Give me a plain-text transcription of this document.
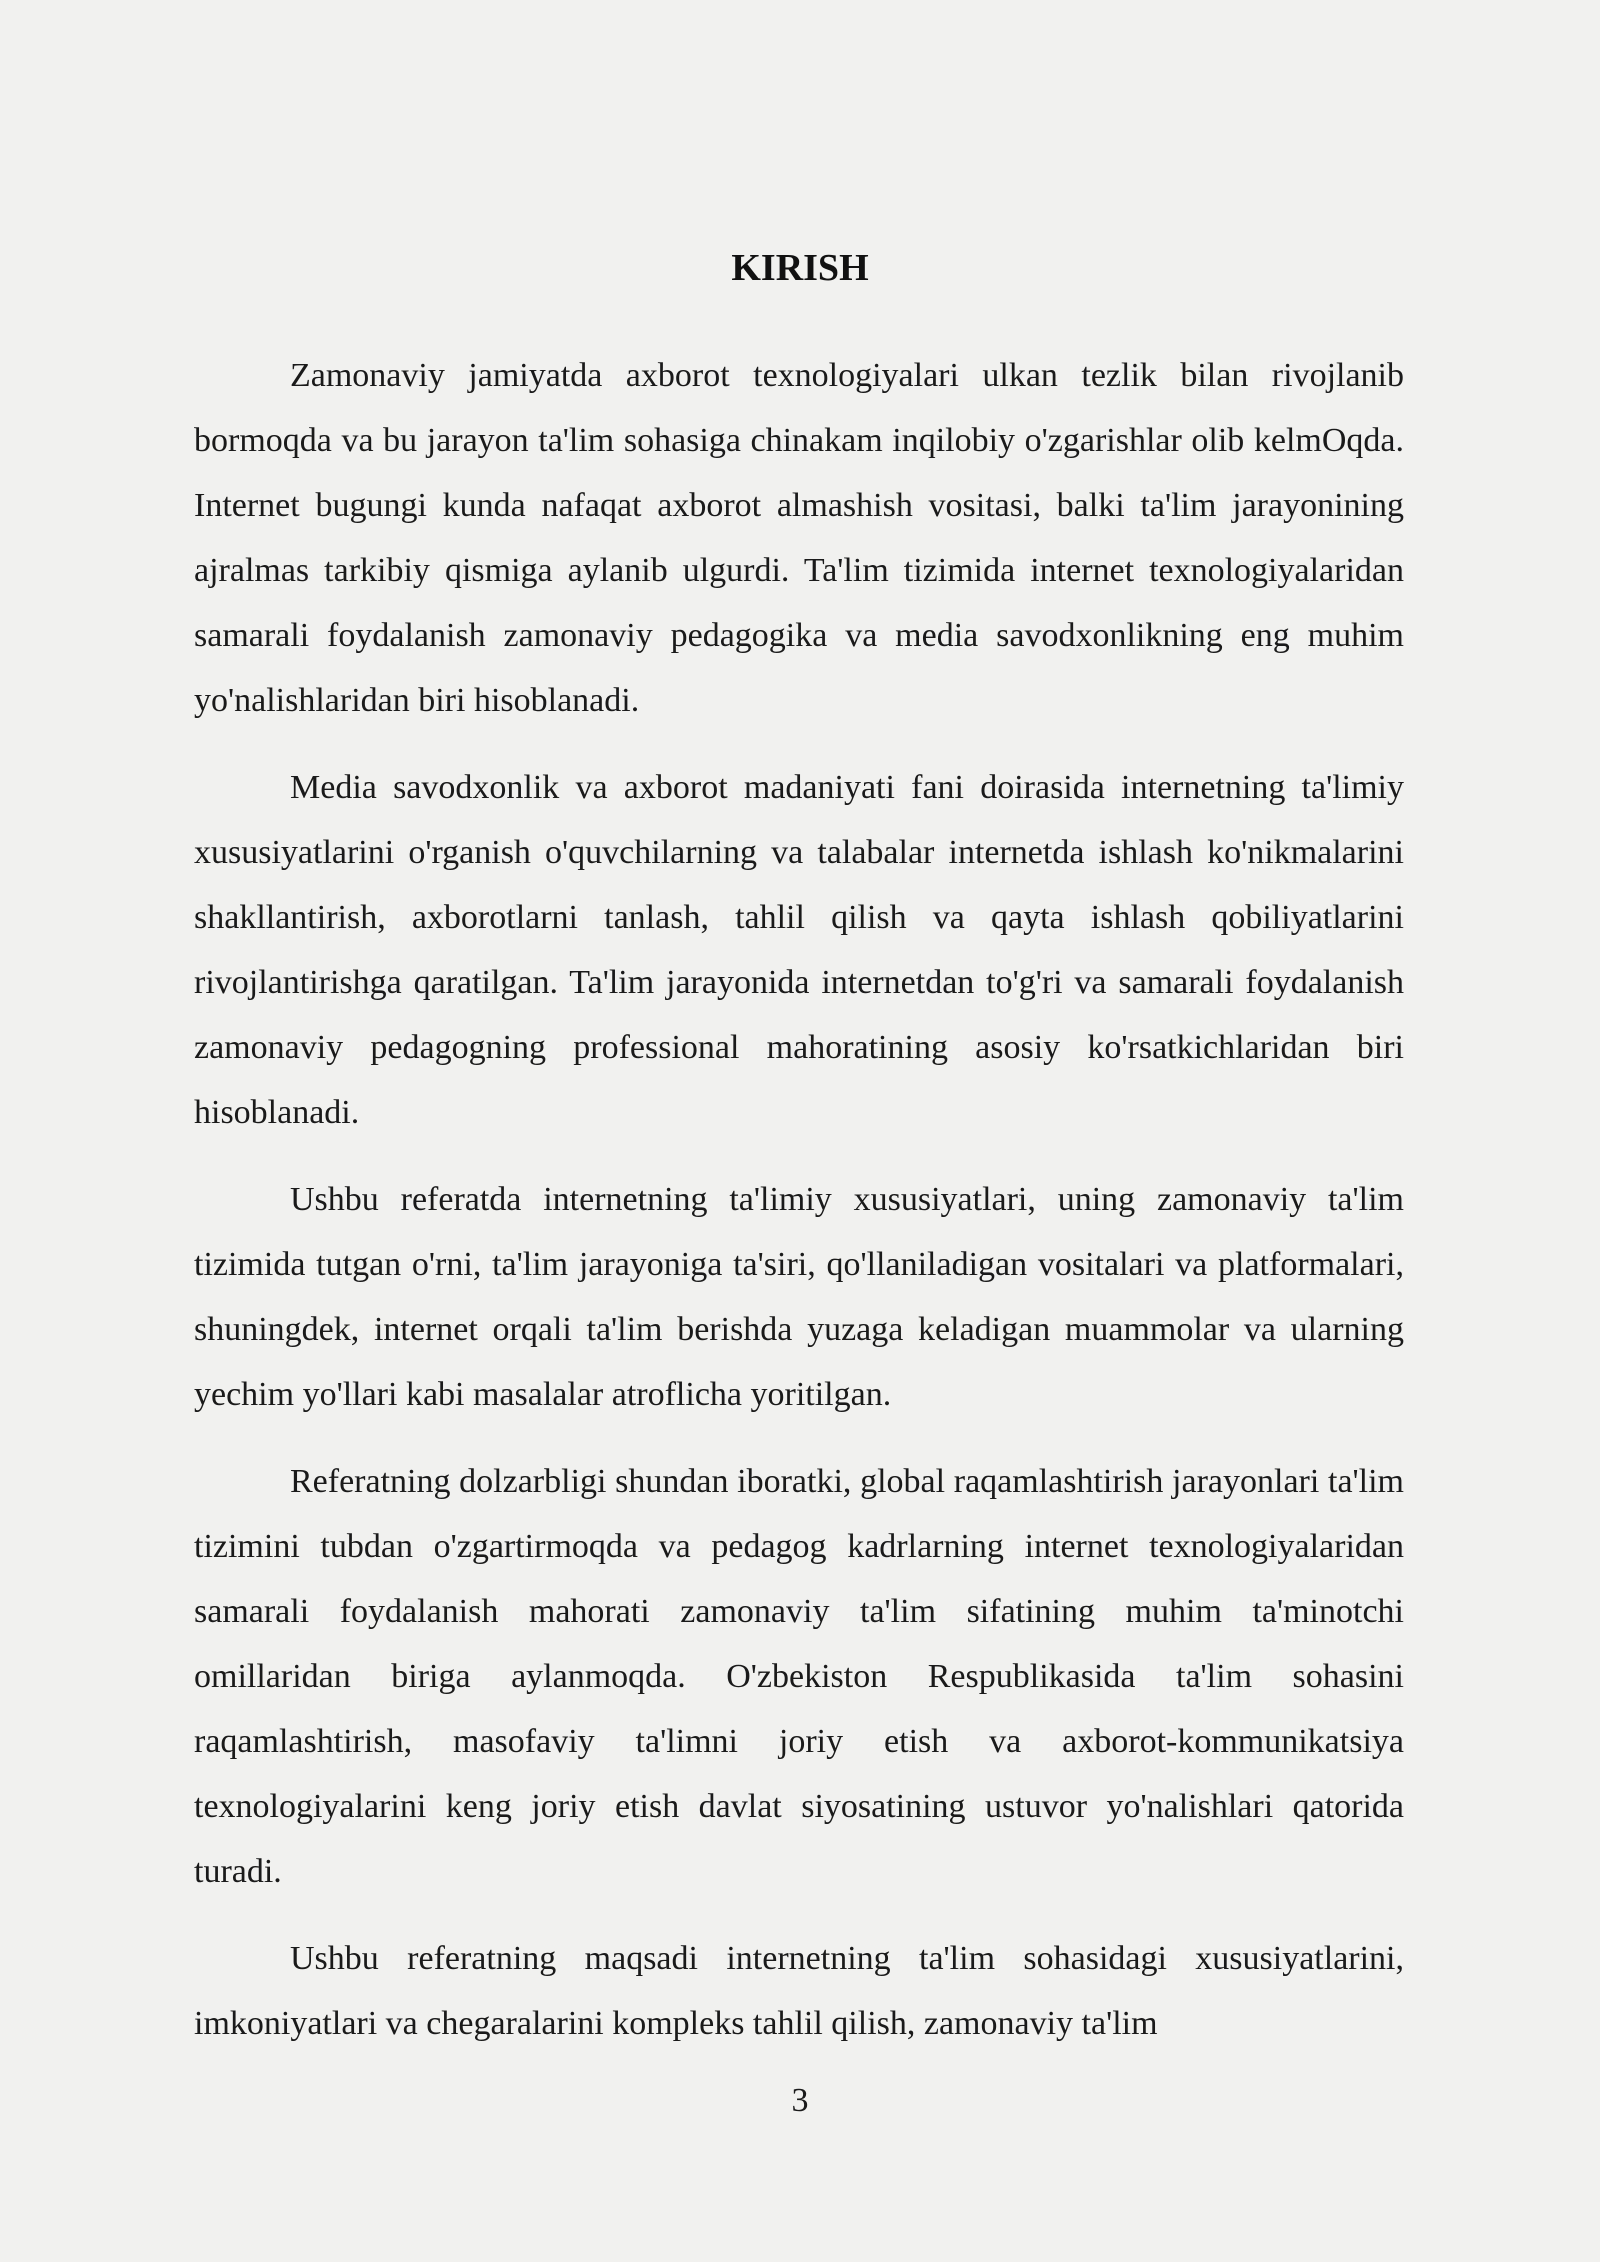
KIRISH

Zamonaviy jamiyatda axborot texnologiyalari ulkan tezlik bilan rivojlanib bormoqda va bu jarayon ta'lim sohasiga chinakam inqilobiy o'zgarishlar olib kelmOqda. Internet bugungi kunda nafaqat axborot almashish vositasi, balki ta'lim jarayonining ajralmas tarkibiy qismiga aylanib ulgurdi. Ta'lim tizimida internet texnologiyalaridan samarali foydalanish zamonaviy pedagogika va media savodxonlikning eng muhim yo'nalishlaridan biri hisoblanadi.

Media savodxonlik va axborot madaniyati fani doirasida internetning ta'limiy xususiyatlarini o'rganish o'quvchilarning va talabalar internetda ishlash ko'nikmalarini shakllantirish, axborotlarni tanlash, tahlil qilish va qayta ishlash qobiliyatlarini rivojlantirishga qaratilgan. Ta'lim jarayonida internetdan to'g'ri va samarali foydalanish zamonaviy pedagogning professional mahoratining asosiy ko'rsatkichlaridan biri hisoblanadi.

Ushbu referatda internetning ta'limiy xususiyatlari, uning zamonaviy ta'lim tizimida tutgan o'rni, ta'lim jarayoniga ta'siri, qo'llaniladigan vositalari va platformalari, shuningdek, internet orqali ta'lim berishda yuzaga keladigan muammolar va ularning yechim yo'llari kabi masalalar atroflicha yoritilgan.

Referatning dolzarbligi shundan iboratki, global raqamlashtirish jarayonlari ta'lim tizimini tubdan o'zgartirmoqda va pedagog kadrlarning internet texnologiyalaridan samarali foydalanish mahorati zamonaviy ta'lim sifatining muhim ta'minotchi omillaridan biriga aylanmoqda. O'zbekiston Respublikasida ta'lim sohasini raqamlashtirish, masofaviy ta'limni joriy etish va axborot-kommunikatsiya texnologiyalarini keng joriy etish davlat siyosatining ustuvor yo'nalishlari qatorida turadi.

Ushbu referatning maqsadi internetning ta'lim sohasidagi xususiyatlarini, imkoniyatlari va chegaralarini kompleks tahlil qilish, zamonaviy ta'lim

3
